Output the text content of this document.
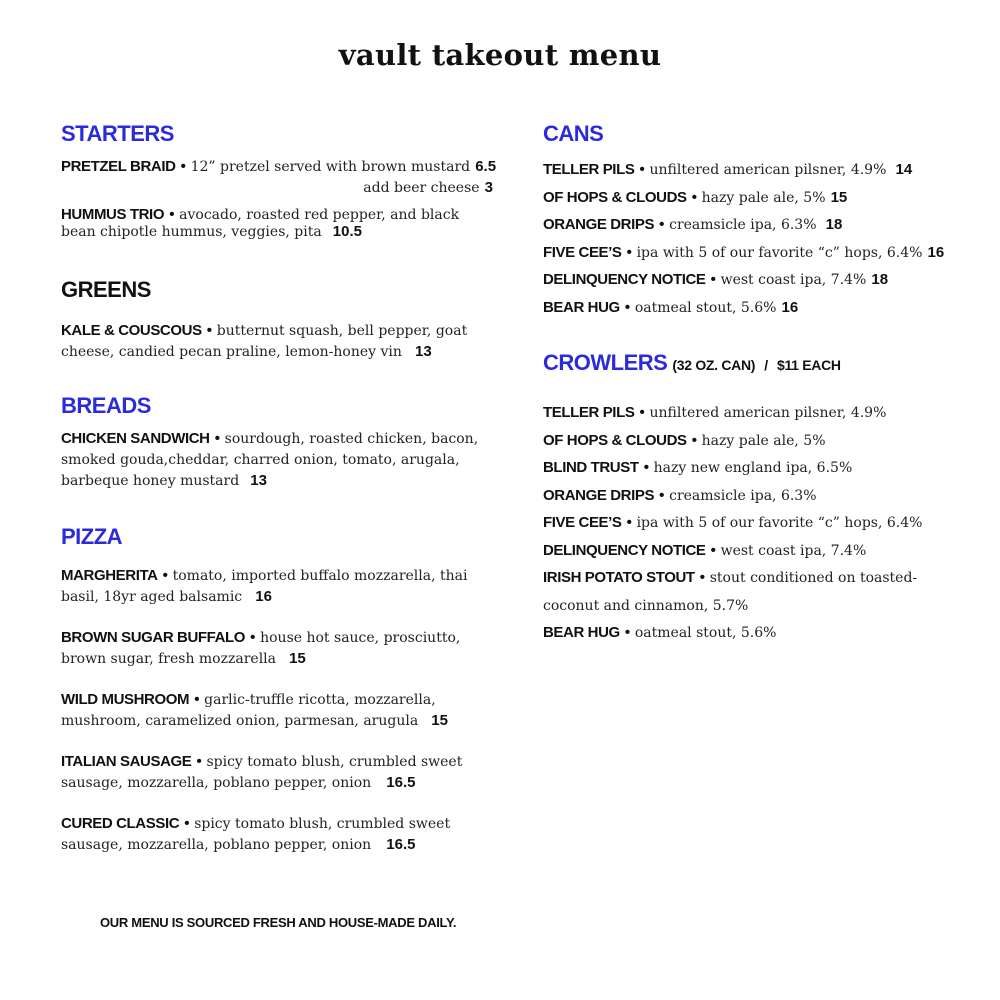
vault takeout menu
STARTERS
PRETZEL BRAID • 12” pretzel served with brown mustard 6.5
add beer cheese 3
HUMMUS TRIO • avocado, roasted red pepper, and black
bean chipotle hummus, veggies, pita 10.5
GREENS
KALE & COUSCOUS • butternut squash, bell pepper, goat
cheese, candied pecan praline, lemon-honey vin 13
BREADS
CHICKEN SANDWICH • sourdough, roasted chicken, bacon,
smoked gouda,cheddar, charred onion, tomato, arugala,
barbeque honey mustard 13
PIZZA
MARGHERITA • tomato, imported buffalo mozzarella, thai
basil, 18yr aged balsamic 16
BROWN SUGAR BUFFALO • house hot sauce, prosciutto,
brown sugar, fresh mozzarella 15
WILD MUSHROOM • garlic-truffle ricotta, mozzarella,
mushroom, caramelized onion, parmesan, arugula 15
ITALIAN SAUSAGE • spicy tomato blush, crumbled sweet
sausage, mozzarella, poblano pepper, onion 16.5
CURED CLASSIC • spicy tomato blush, crumbled sweet
sausage, mozzarella, poblano pepper, onion 16.5
CANS
TELLER PILS • unfiltered american pilsner, 4.9% 14
OF HOPS & CLOUDS • hazy pale ale, 5% 15
ORANGE DRIPS • creamsicle ipa, 6.3% 18
FIVE CEE’S • ipa with 5 of our favorite “c” hops, 6.4% 16
DELINQUENCY NOTICE • west coast ipa, 7.4% 18
BEAR HUG • oatmeal stout, 5.6% 16
CROWLERS (32 OZ. CAN) / $11 EACH
TELLER PILS • unfiltered american pilsner, 4.9%
OF HOPS & CLOUDS • hazy pale ale, 5%
BLIND TRUST • hazy new england ipa, 6.5%
ORANGE DRIPS • creamsicle ipa, 6.3%
FIVE CEE’S • ipa with 5 of our favorite “c” hops, 6.4%
DELINQUENCY NOTICE • west coast ipa, 7.4%
IRISH POTATO STOUT • stout conditioned on toasted-
coconut and cinnamon, 5.7%
BEAR HUG • oatmeal stout, 5.6%
OUR MENU IS SOURCED FRESH AND HOUSE-MADE DAILY.
